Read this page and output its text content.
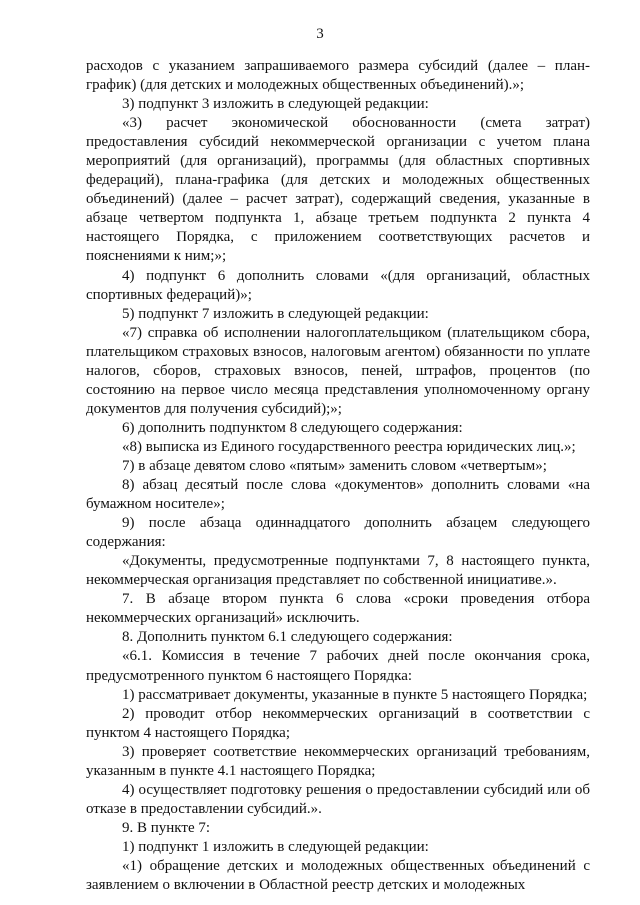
3

расходов с указанием запрашиваемого размера субсидий (далее – план-график) (для детских и молодежных общественных объединений).»;

3) подпункт 3 изложить в следующей редакции:

«3) расчет экономической обоснованности (смета затрат) предоставления субсидий некоммерческой организации с учетом плана мероприятий (для организаций), программы (для областных спортивных федераций), плана-графика (для детских и молодежных общественных объединений) (далее – расчет затрат), содержащий сведения, указанные в абзаце четвертом подпункта 1, абзаце третьем подпункта 2 пункта 4 настоящего Порядка, с приложением соответствующих расчетов и пояснениями к ним;»;

4) подпункт 6 дополнить словами «(для организаций, областных спортивных федераций)»;

5) подпункт 7 изложить в следующей редакции:

«7) справка об исполнении налогоплательщиком (плательщиком сбора, плательщиком страховых взносов, налоговым агентом) обязанности по уплате налогов, сборов, страховых взносов, пеней, штрафов, процентов (по состоянию на первое число месяца представления уполномоченному органу документов для получения субсидий);»;

6) дополнить подпунктом 8 следующего содержания:

«8) выписка из Единого государственного реестра юридических лиц.»;

7) в абзаце девятом слово «пятым» заменить словом «четвертым»;

8) абзац десятый после слова «документов» дополнить словами «на бумажном носителе»;

9) после абзаца одиннадцатого дополнить абзацем следующего содержания:

«Документы, предусмотренные подпунктами 7, 8 настоящего пункта, некоммерческая организация представляет по собственной инициативе.».

7. В абзаце втором пункта 6 слова «сроки проведения отбора некоммерческих организаций» исключить.

8. Дополнить пунктом 6.1 следующего содержания:

«6.1. Комиссия в течение 7 рабочих дней после окончания срока, предусмотренного пунктом 6 настоящего Порядка:

1) рассматривает документы, указанные в пункте 5 настоящего Порядка;

2) проводит отбор некоммерческих организаций в соответствии с пунктом 4 настоящего Порядка;

3) проверяет соответствие некоммерческих организаций требованиям, указанным в пункте 4.1 настоящего Порядка;

4) осуществляет подготовку решения о предоставлении субсидий или об отказе в предоставлении субсидий.».

9. В пункте 7:

1) подпункт 1 изложить в следующей редакции:

«1) обращение детских и молодежных общественных объединений с заявлением о включении в Областной реестр детских и молодежных
